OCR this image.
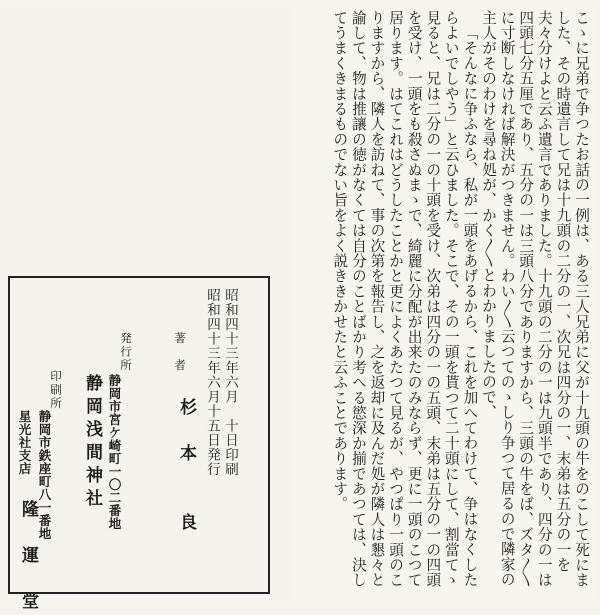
こゝに兄弟で争つたお話の一例は、ある三人兄弟に父が十九頭の牛をのこして死にました、その時遺言して兄は十九頭の二分の一、次兄は四分の一、末弟は五分の一を夫々分けよと云ふ遺言でありました。十九頭の二分の一は九頭半であり、四分の一は四頭七分五厘であり、五分の一は三頭八分でありますから、三頭の牛をば、ズタ〳〵に寸断しなければ解決がつきません。わい〳〵云つてのゝしり争つて居るので隣家の主人がそのわけを尋ね処が、かく〳〵とわかりましたので、

「そんなに争ふなら、私が一頭をあげるから、これを加へてわけて、争はなくしたらよいでしやう」と云ひました。そこで、その一頭を貰つて二十頭にして、割當てゝ見ると、兄は二分の一の十頭を受け、次弟は四分の一の五頭、末弟は五分の一の四頭を受け、一頭をも殺さぬまゝで、綺麗に分配が出来たのみならず、更に一頭のこつて居ります。はてこれはどうしたことかと更によくあたつて見るが、やつぱり一頭のこりますから、隣人を訪ねて、事の次第を報告し、之を返却に及んだ処が隣人は懇々と諭して、物は推讓の徳がなくては自分のことばかり考へる慾深か揃であつては、決してうまくきまるものでない旨をよく説ききかせたと云ふことであります。

昭和四十三年六月　十日印刷
昭和四十三年六月十五日発行
著　者
杉　本　　良
発行所
静岡市宮ケ崎町一〇二番地
静岡浅間神社
印刷所
静岡市鉄座町八一番地
星光社支店
隆　運　堂
